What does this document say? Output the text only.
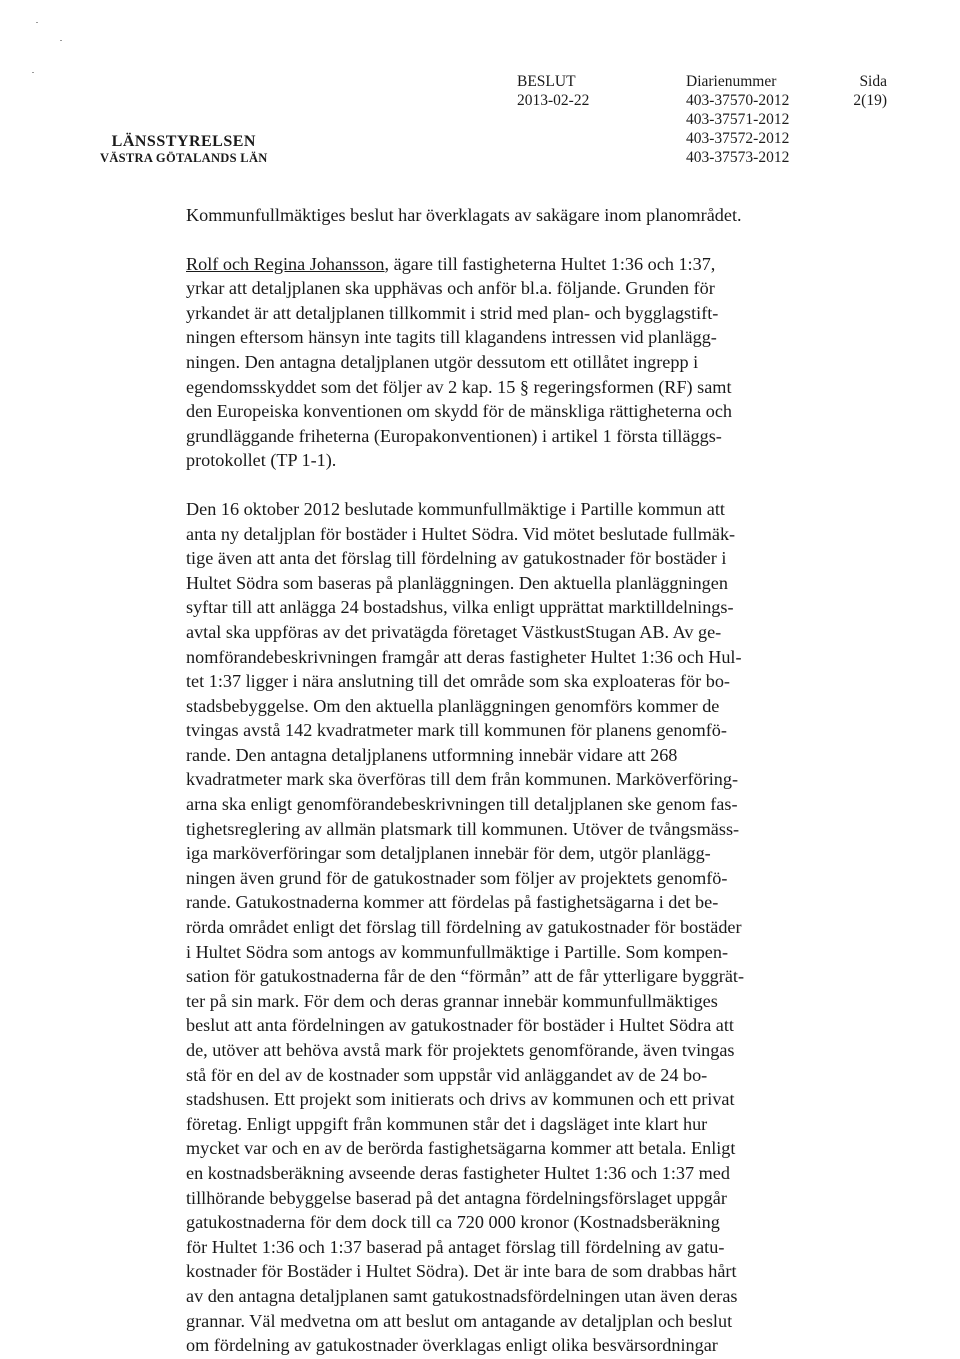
LÄNSSTYRELSEN
VÄSTRA GÖTALANDS LÄN
BESLUT
2013-02-22
Diarienummer
403-37570-2012
403-37571-2012
403-37572-2012
403-37573-2012
Sida
2(19)

Kommunfullmäktiges beslut har överklagats av sakägare inom planområdet.

Rolf och Regina Johansson, ägare till fastigheterna Hultet 1:36 och 1:37,
yrkar att detaljplanen ska upphävas och anför bl.a. följande. Grunden för
yrkandet är att detaljplanen tillkommit i strid med plan- och bygglagstift-
ningen eftersom hänsyn inte tagits till klagandens intressen vid planlägg-
ningen. Den antagna detaljplanen utgör dessutom ett otillåtet ingrepp i
egendomsskyddet som det följer av 2 kap. 15 § regeringsformen (RF) samt
den Europeiska konventionen om skydd för de mänskliga rättigheterna och
grundläggande friheterna (Europakonventionen) i artikel 1 första tilläggs-
protokollet (TP 1-1).

Den 16 oktober 2012 beslutade kommunfullmäktige i Partille kommun att
anta ny detaljplan för bostäder i Hultet Södra. Vid mötet beslutade fullmäk-
tige även att anta det förslag till fördelning av gatukostnader för bostäder i
Hultet Södra som baseras på planläggningen. Den aktuella planläggningen
syftar till att anlägga 24 bostadshus, vilka enligt upprättat marktilldelnings-
avtal ska uppföras av det privatägda företaget VästkustStugan AB. Av ge-
nomförandebeskrivningen framgår att deras fastigheter Hultet 1:36 och Hul-
tet 1:37 ligger i nära anslutning till det område som ska exploateras för bo-
stadsbebyggelse. Om den aktuella planläggningen genomförs kommer de
tvingas avstå 142 kvadratmeter mark till kommunen för planens genomfö-
rande. Den antagna detaljplanens utformning innebär vidare att 268
kvadratmeter mark ska överföras till dem från kommunen. Marköverföring-
arna ska enligt genomförandebeskrivningen till detaljplanen ske genom fas-
tighetsreglering av allmän platsmark till kommunen. Utöver de tvångsmäss-
iga marköverföringar som detaljplanen innebär för dem, utgör planlägg-
ningen även grund för de gatukostnader som följer av projektets genomfö-
rande. Gatukostnaderna kommer att fördelas på fastighetsägarna i det be-
rörda området enligt det förslag till fördelning av gatukostnader för bostäder
i Hultet Södra som antogs av kommunfullmäktige i Partille. Som kompen-
sation för gatukostnaderna får de den “förmån” att de får ytterligare byggrät-
ter på sin mark. För dem och deras grannar innebär kommunfullmäktiges
beslut att anta fördelningen av gatukostnader för bostäder i Hultet Södra att
de, utöver att behöva avstå mark för projektets genomförande, även tvingas
stå för en del av de kostnader som uppstår vid anläggandet av de 24 bo-
stadshusen. Ett projekt som initierats och drivs av kommunen och ett privat
företag. Enligt uppgift från kommunen står det i dagsläget inte klart hur
mycket var och en av de berörda fastighetsägarna kommer att betala. Enligt
en kostnadsberäkning avseende deras fastigheter Hultet 1:36 och 1:37 med
tillhörande bebyggelse baserad på det antagna fördelningsförslaget uppgår
gatukostnaderna för dem dock till ca 720 000 kronor (Kostnadsberäkning
för Hultet 1:36 och 1:37 baserad på antaget förslag till fördelning av gatu-
kostnader för Bostäder i Hultet Södra). Det är inte bara de som drabbas hårt
av den antagna detaljplanen samt gatukostnadsfördelningen utan även deras
grannar. Väl medvetna om att beslut om antagande av detaljplan och beslut
om fördelning av gatukostnader överklagas enligt olika besvärsordningar
